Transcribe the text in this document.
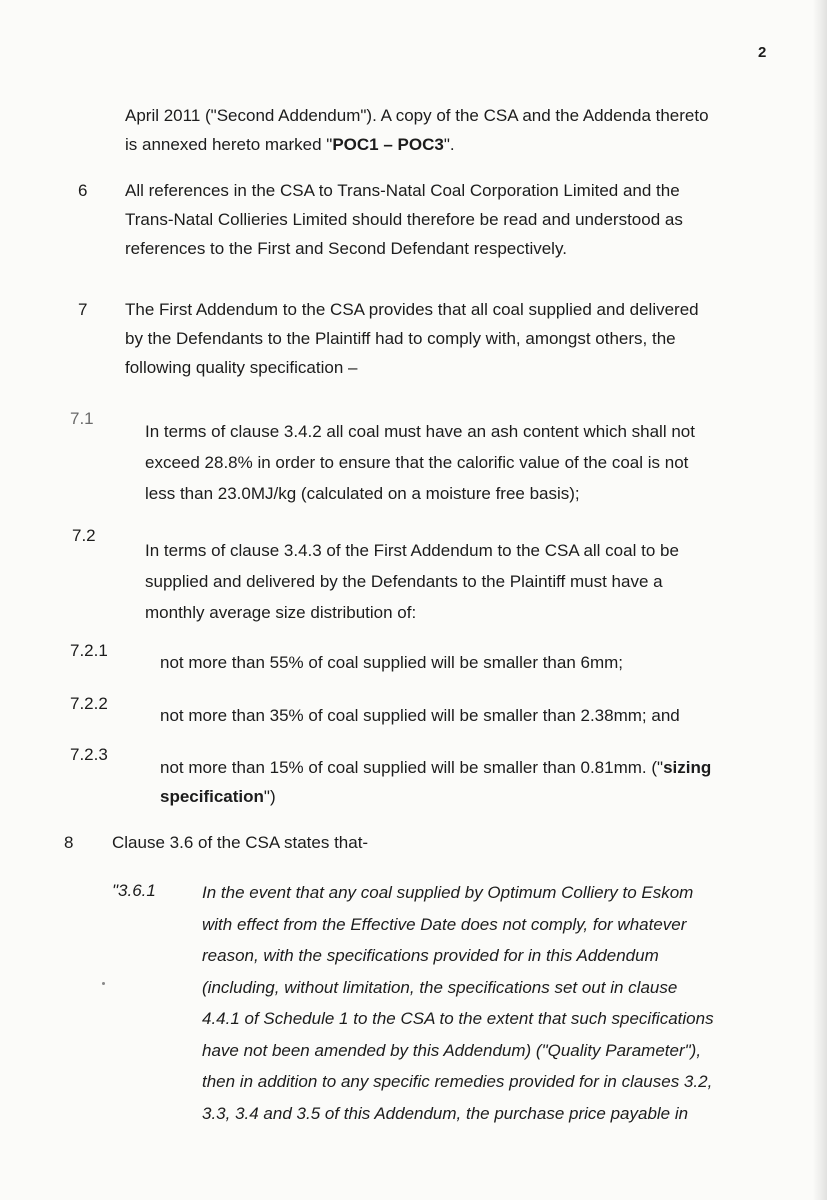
2
April 2011 ("Second Addendum"). A copy of the CSA and the Addenda thereto
is annexed hereto marked "POC1 – POC3".
6 All references in the CSA to Trans-Natal Coal Corporation Limited and the
Trans-Natal Collieries Limited should therefore be read and understood as
references to the First and Second Defendant respectively.
7 The First Addendum to the CSA provides that all coal supplied and delivered
by the Defendants to the Plaintiff had to comply with, amongst others, the
following quality specification –
7.1
In terms of clause 3.4.2 all coal must have an ash content which shall not
exceed 28.8% in order to ensure that the calorific value of the coal is not
less than 23.0MJ/kg (calculated on a moisture free basis);
7.2
In terms of clause 3.4.3 of the First Addendum to the CSA all coal to be
supplied and delivered by the Defendants to the Plaintiff must have a
monthly average size distribution of:
7.2.1
not more than 55% of coal supplied will be smaller than 6mm;
7.2.2
not more than 35% of coal supplied will be smaller than 2.38mm; and
7.2.3
not more than 15% of coal supplied will be smaller than 0.81mm. ("sizing
specification")
8 Clause 3.6 of the CSA states that-
"3.6.1	In the event that any coal supplied by Optimum Colliery to Eskom
with effect from the Effective Date does not comply, for whatever
reason, with the specifications provided for in this Addendum
(including, without limitation, the specifications set out in clause
4.4.1 of Schedule 1 to the CSA to the extent that such specifications
have not been amended by this Addendum) ("Quality Parameter"),
then in addition to any specific remedies provided for in clauses 3.2,
3.3, 3.4 and 3.5 of this Addendum, the purchase price payable in
